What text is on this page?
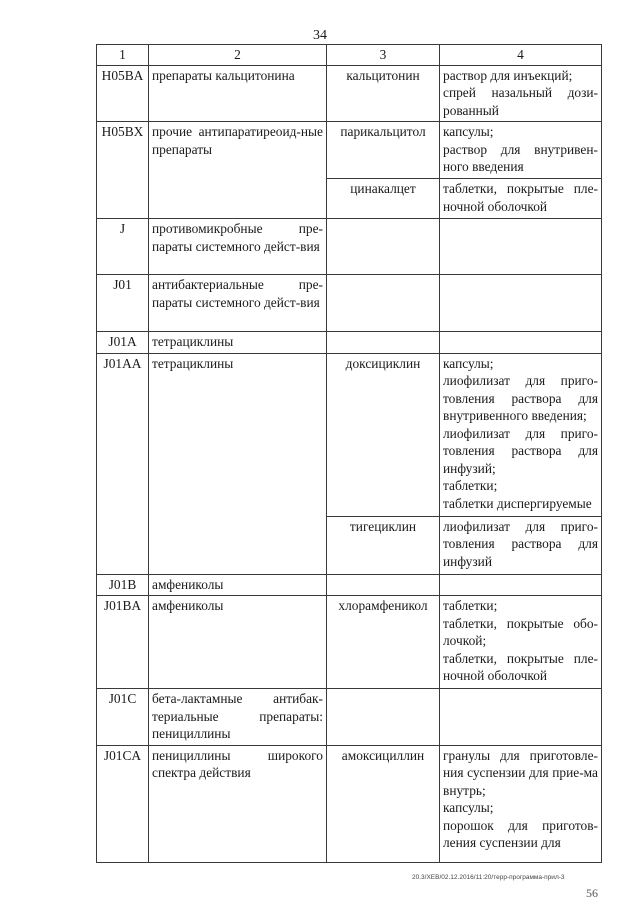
34
1	2	3	4
H05BA	препараты кальцитонина	кальцитонин	раствор для инъекций;
спрей назальный дози-рованный

H05BX	прочие антипаратиреоид-ные препараты	парикальцитол	капсулы;
раствор для внутривен-ного введения

		цинакалцет	таблетки, покрытые пле-ночной оболочкой

J	противомикробные пре-параты системного дейст-вия		
J01	антибактериальные пре-параты системного дейст-вия		
J01A	тетрациклины		
J01AA	тетрациклины	доксициклин	капсулы;
лиофилизат для приго-товления раствора для внутривенного введения;
лиофилизат для приго-товления раствора для инфузий;
таблетки;
таблетки диспергируемые

		тигециклин	лиофилизат для приго-товления раствора для инфузий

J01B	амфениколы		
J01BA	амфениколы	хлорамфеникол	таблетки;
таблетки, покрытые обо-лочкой;
таблетки, покрытые пле-ночной оболочкой

J01C	бета-лактамные антибак-териальные препараты: пенициллины		
J01CA	пенициллины широкого спектра действия	амоксициллин	гранулы для приготовле-ния суспензии для прие-ма внутрь;
капсулы;
порошок для приготов-ления суспензии для
20.3/XEB/02.12.2016/11:20/терр-программа-прил-3
56
